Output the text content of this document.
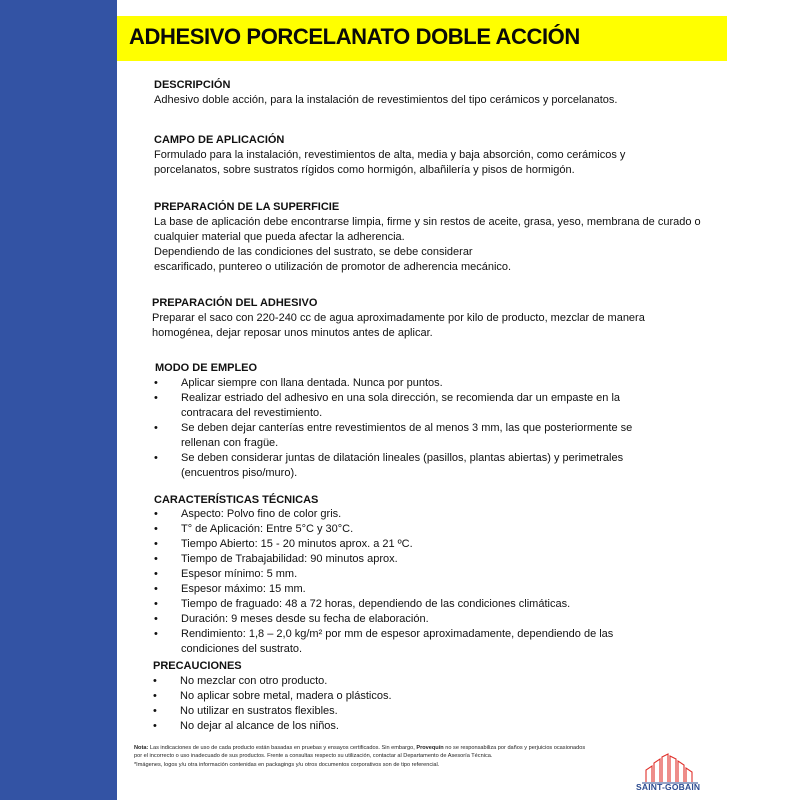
ADHESIVO PORCELANATO DOBLE ACCIÓN
DESCRIPCIÓN
Adhesivo doble acción, para la instalación de revestimientos del tipo cerámicos y porcelanatos.
CAMPO DE APLICACIÓN
Formulado para la instalación, revestimientos de alta, media y baja absorción, como cerámicos y
porcelanatos, sobre sustratos rígidos como hormigón, albañilería y pisos de hormigón.
PREPARACIÓN DE LA SUPERFICIE
La base de aplicación debe encontrarse limpia, firme y sin restos de aceite, grasa, yeso, membrana de curado o
cualquier material que pueda afectar la adherencia.
Dependiendo de las condiciones del sustrato, se debe considerar
escarificado, puntereo o utilización de promotor de adherencia mecánico.
PREPARACIÓN DEL ADHESIVO
Preparar el saco con 220-240 cc de agua aproximadamente por kilo de producto, mezclar de manera
homogénea, dejar reposar unos minutos antes de aplicar.
MODO DE EMPLEO
• Aplicar siempre con llana dentada. Nunca por puntos.
• Realizar estriado del adhesivo en una sola dirección, se recomienda dar un empaste en la contracara del revestimiento.
• Se deben dejar canterías entre revestimientos de al menos 3 mm, las que posteriormente se rellenan con fragüe.
• Se deben considerar juntas de dilatación lineales (pasillos, plantas abiertas) y perimetrales (encuentros piso/muro).
CARACTERÍSTICAS TÉCNICAS
• Aspecto: Polvo fino de color gris.
• T° de Aplicación: Entre 5°C y 30°C.
• Tiempo Abierto: 15 - 20 minutos aprox. a 21 ºC.
• Tiempo de Trabajabilidad: 90 minutos aprox.
• Espesor mínimo: 5 mm.
• Espesor máximo: 15 mm.
• Tiempo de fraguado: 48 a 72 horas, dependiendo de las condiciones climáticas.
• Duración: 9 meses desde su fecha de elaboración.
• Rendimiento: 1,8 – 2,0 kg/m² por mm de espesor aproximadamente, dependiendo de las condiciones del sustrato.
PRECAUCIONES
• No mezclar con otro producto.
• No aplicar sobre metal, madera o plásticos.
• No utilizar en sustratos flexibles.
• No dejar al alcance de los niños.
Nota: Las indicaciones de uso de cada producto están basadas en pruebas y ensayos certificados. Sin embargo, Provequín no se responsabiliza por daños y perjuicios ocasionados por el incorrecto o uso inadecuado de sus productos. Frente a consultas respecto su utilización, contactar al Departamento de Asesoría Técnica.
*Imágenes, logos y/u otra información contenidas en packagings y/u otros documentos corporativos son de tipo referencial.
SAINT-GOBAIN
